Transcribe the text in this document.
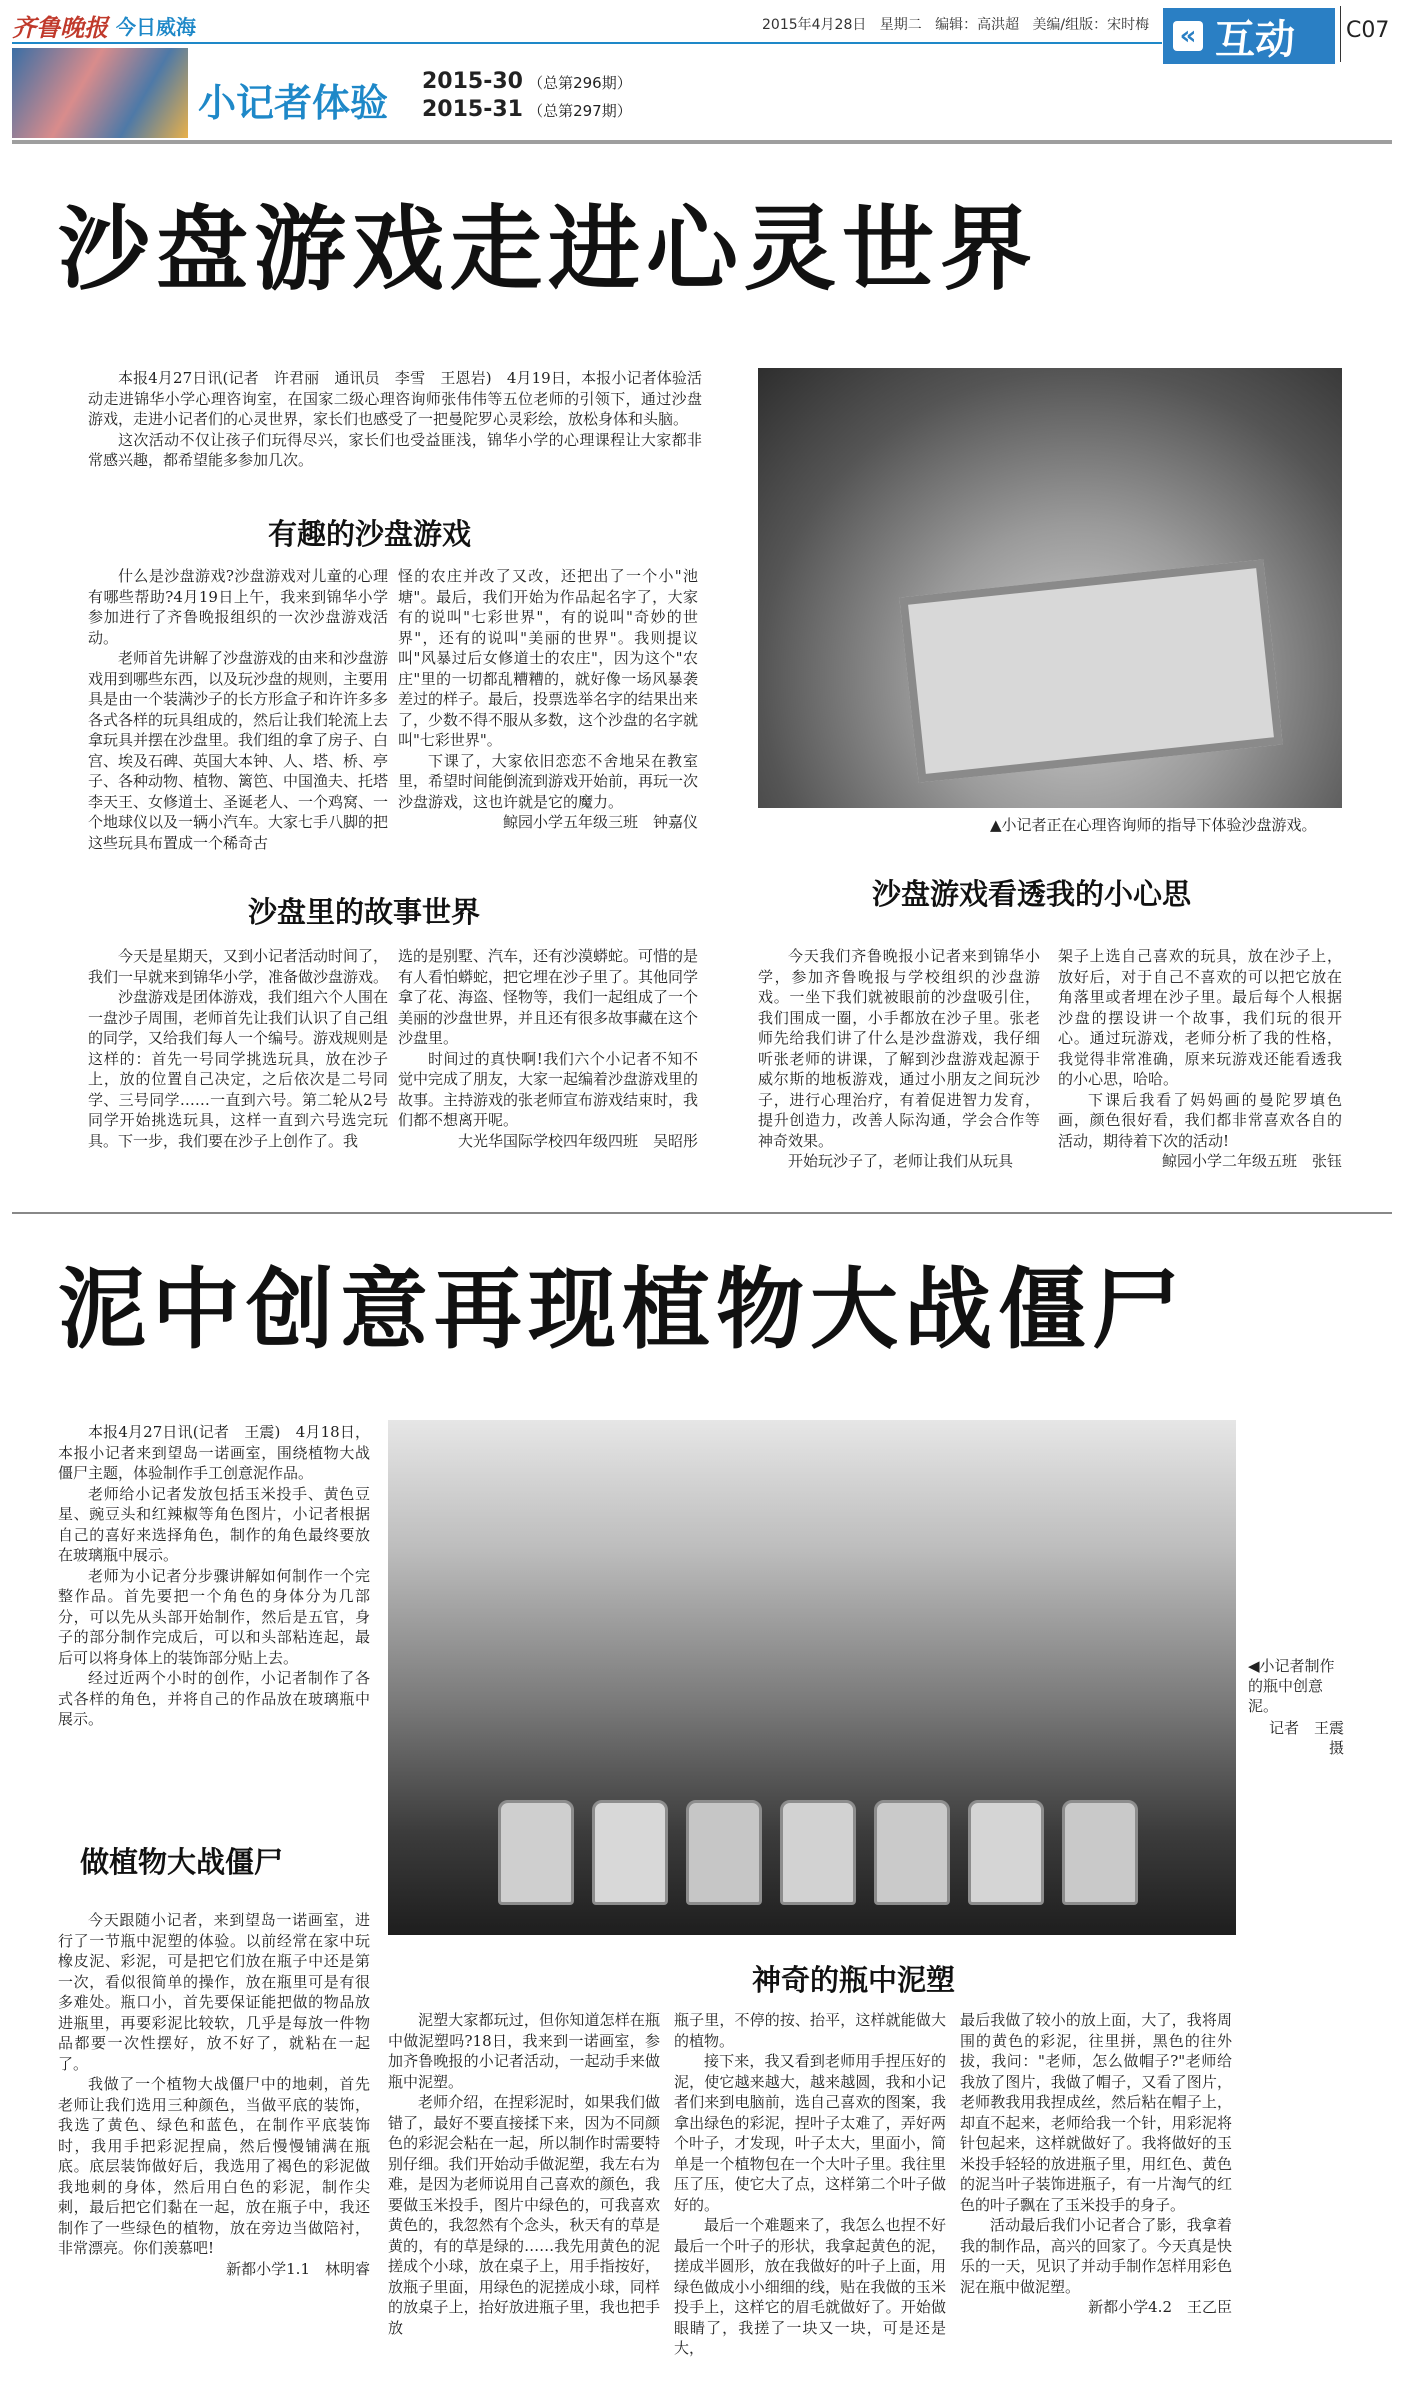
齐鲁晚报 今日威海	2015年4月28日 星期二 编辑：高洪超 美编/组版：宋时梅 « 互动 C07
小记者体验 2015-30 （总第296期）
2015-31 （总第297期）
沙盘游戏走进心灵世界

本报4月27日讯(记者　许君丽　通讯员　李雪　王恩岩)　4月19日，本报小记者体验活动走进锦华小学心理咨询室，在国家二级心理咨询师张伟伟等五位老师的引领下，通过沙盘游戏，走进小记者们的心灵世界，家长们也感受了一把曼陀罗心灵彩绘，放松身体和头脑。

这次活动不仅让孩子们玩得尽兴，家长们也受益匪浅，锦华小学的心理课程让大家都非常感兴趣，都希望能多参加几次。

▲小记者正在心理咨询师的指导下体验沙盘游戏。
有趣的沙盘游戏

什么是沙盘游戏?沙盘游戏对儿童的心理有哪些帮助?4月19日上午，我来到锦华小学参加进行了齐鲁晚报组织的一次沙盘游戏活动。

老师首先讲解了沙盘游戏的由来和沙盘游戏用到哪些东西，以及玩沙盘的规则，主要用具是由一个装满沙子的长方形盒子和许许多多各式各样的玩具组成的，然后让我们轮流上去拿玩具并摆在沙盘里。我们组的拿了房子、白宫、埃及石碑、英国大本钟、人、塔、桥、亭子、各种动物、植物、篱笆、中国渔夫、托塔李天王、女修道士、圣诞老人、一个鸡窝、一个地球仪以及一辆小汽车。大家七手八脚的把这些玩具布置成一个稀奇古

怪的农庄并改了又改，还把出了一个小"池塘"。最后，我们开始为作品起名字了，大家有的说叫"七彩世界"，有的说叫"奇妙的世界"，还有的说叫"美丽的世界"。我则提议叫"风暴过后女修道士的农庄"，因为这个"农庄"里的一切都乱糟糟的，就好像一场风暴袭差过的样子。最后，投票选举名字的结果出来了，少数不得不服从多数，这个沙盘的名字就叫"七彩世界"。

下课了，大家依旧恋恋不舍地呆在教室里，希望时间能倒流到游戏开始前，再玩一次沙盘游戏，这也许就是它的魔力。

鲸园小学五年级三班　钟嘉仪
沙盘里的故事世界

今天是星期天，又到小记者活动时间了，我们一早就来到锦华小学，准备做沙盘游戏。

沙盘游戏是团体游戏，我们组六个人围在一盘沙子周围，老师首先让我们认识了自己组的同学，又给我们每人一个编号。游戏规则是这样的：首先一号同学挑选玩具，放在沙子上，放的位置自己决定，之后依次是二号同学、三号同学……一直到六号。第二轮从2号同学开始挑选玩具，这样一直到六号选完玩具。下一步，我们要在沙子上创作了。我

选的是别墅、汽车，还有沙漠蟒蛇。可惜的是有人看怕蟒蛇，把它埋在沙子里了。其他同学拿了花、海盗、怪物等，我们一起组成了一个美丽的沙盘世界，并且还有很多故事藏在这个沙盘里。

时间过的真快啊!我们六个小记者不知不觉中完成了朋友，大家一起编着沙盘游戏里的故事。主持游戏的张老师宣布游戏结束时，我们都不想离开呢。

大光华国际学校四年级四班　吴昭彤
沙盘游戏看透我的小心思

今天我们齐鲁晚报小记者来到锦华小学，参加齐鲁晚报与学校组织的沙盘游戏。一坐下我们就被眼前的沙盘吸引住，我们围成一圈，小手都放在沙子里。张老师先给我们讲了什么是沙盘游戏，我仔细听张老师的讲课，了解到沙盘游戏起源于威尔斯的地板游戏，通过小朋友之间玩沙子，进行心理治疗，有着促进智力发育，提升创造力，改善人际沟通，学会合作等神奇效果。

开始玩沙子了，老师让我们从玩具

架子上选自己喜欢的玩具，放在沙子上，放好后，对于自己不喜欢的可以把它放在角落里或者埋在沙子里。最后每个人根据沙盘的摆设讲一个故事，我们玩的很开心。通过玩游戏，老师分析了我的性格，我觉得非常准确，原来玩游戏还能看透我的小心思，哈哈。

下课后我看了妈妈画的曼陀罗填色画，颜色很好看，我们都非常喜欢各自的活动，期待着下次的活动!

鲸园小学二年级五班　张钰
泥中创意再现植物大战僵尸

本报4月27日讯(记者　王震)　4月18日，本报小记者来到望岛一诺画室，围绕植物大战僵尸主题，体验制作手工创意泥作品。

老师给小记者发放包括玉米投手、黄色豆星、豌豆头和红辣椒等角色图片，小记者根据自己的喜好来选择角色，制作的角色最终要放在玻璃瓶中展示。

老师为小记者分步骤讲解如何制作一个完整作品。首先要把一个角色的身体分为几部分，可以先从头部开始制作，然后是五官，身子的部分制作完成后，可以和头部粘连起，最后可以将身体上的装饰部分贴上去。

经过近两个小时的创作，小记者制作了各式各样的角色，并将自己的作品放在玻璃瓶中展示。

◀小记者制作的瓶中创意泥。
记者　王震　摄
做植物大战僵尸

今天跟随小记者，来到望岛一诺画室，进行了一节瓶中泥塑的体验。以前经常在家中玩橡皮泥、彩泥，可是把它们放在瓶子中还是第一次，看似很简单的操作，放在瓶里可是有很多难处。瓶口小，首先要保证能把做的物品放进瓶里，再要彩泥比较软，几乎是每放一件物品都要一次性摆好，放不好了，就粘在一起了。

我做了一个植物大战僵尸中的地刺，首先老师让我们选用三种颜色，当做平底的装饰，我选了黄色、绿色和蓝色，在制作平底装饰时，我用手把彩泥捏扁，然后慢慢铺满在瓶底。底层装饰做好后，我选用了褐色的彩泥做我地刺的身体，然后用白色的彩泥，制作尖刺，最后把它们黏在一起，放在瓶子中，我还制作了一些绿色的植物，放在旁边当做陪衬，非常漂亮。你们羡慕吧!

新都小学1.1　林明睿
神奇的瓶中泥塑

泥塑大家都玩过，但你知道怎样在瓶中做泥塑吗?18日，我来到一诺画室，参加齐鲁晚报的小记者活动，一起动手来做瓶中泥塑。

老师介绍，在捏彩泥时，如果我们做错了，最好不要直接揉下来，因为不同颜色的彩泥会粘在一起，所以制作时需要特别仔细。我们开始动手做泥塑，我左右为难，是因为老师说用自己喜欢的颜色，我要做玉米投手，图片中绿色的，可我喜欢黄色的，我忽然有个念头，秋天有的草是黄的，有的草是绿的……我先用黄色的泥搓成个小球，放在桌子上，用手指按好，放瓶子里面，用绿色的泥搓成小球，同样的放桌子上，抬好放进瓶子里，我也把手放

瓶子里，不停的按、抬平，这样就能做大的植物。

接下来，我又看到老师用手捏压好的泥，使它越来越大，越来越圆，我和小记者们来到电脑前，选自己喜欢的图案，我拿出绿色的彩泥，捏叶子太难了，弄好两个叶子，才发现，叶子太大，里面小，简单是一个植物包在一个大叶子里。我往里压了压，使它大了点，这样第二个叶子做好的。

最后一个难题来了，我怎么也捏不好最后一个叶子的形状，我拿起黄色的泥，搓成半圆形，放在我做好的叶子上面，用绿色做成小小细细的线，贴在我做的玉米投手上，这样它的眉毛就做好了。开始做眼睛了，我搓了一块又一块，可是还是大，

最后我做了较小的放上面，大了，我将周围的黄色的彩泥，往里拼，黑色的往外拔，我问："老师，怎么做帽子?"老师给我放了图片，我做了帽子，又看了图片，老师教我用我捏成丝，然后粘在帽子上，却直不起来，老师给我一个针，用彩泥将针包起来，这样就做好了。我将做好的玉米投手轻轻的放进瓶子里，用红色、黄色的泥当叶子装饰进瓶子，有一片淘气的红色的叶子飘在了玉米投手的身子。

活动最后我们小记者合了影，我拿着我的制作品，高兴的回家了。今天真是快乐的一天，见识了并动手制作怎样用彩色泥在瓶中做泥塑。

新都小学4.2　王乙臣
